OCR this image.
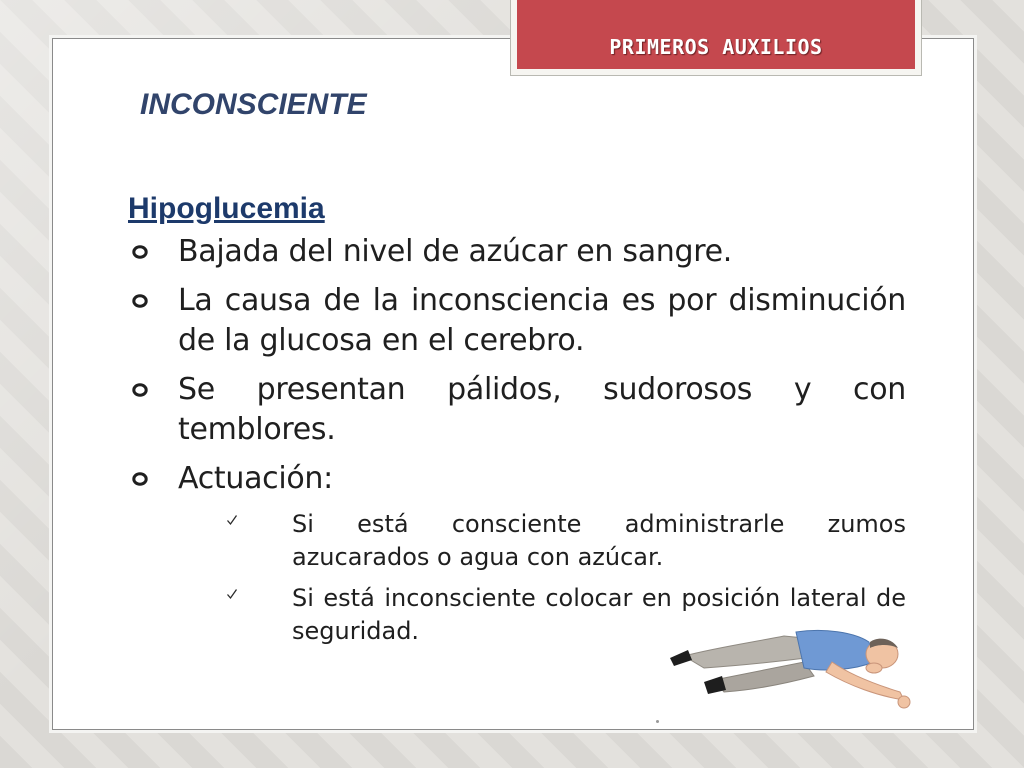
PRIMEROS AUXILIOS
INCONSCIENTE
Hipoglucemia
Bajada del nivel de azúcar en sangre.
La causa de la inconsciencia es por disminución de la glucosa en el cerebro.
Se presentan pálidos, sudorosos y con temblores.
Actuación:
Si está consciente administrarle zumos azucarados o agua con azúcar.
Si está inconsciente colocar en posición lateral de seguridad.
